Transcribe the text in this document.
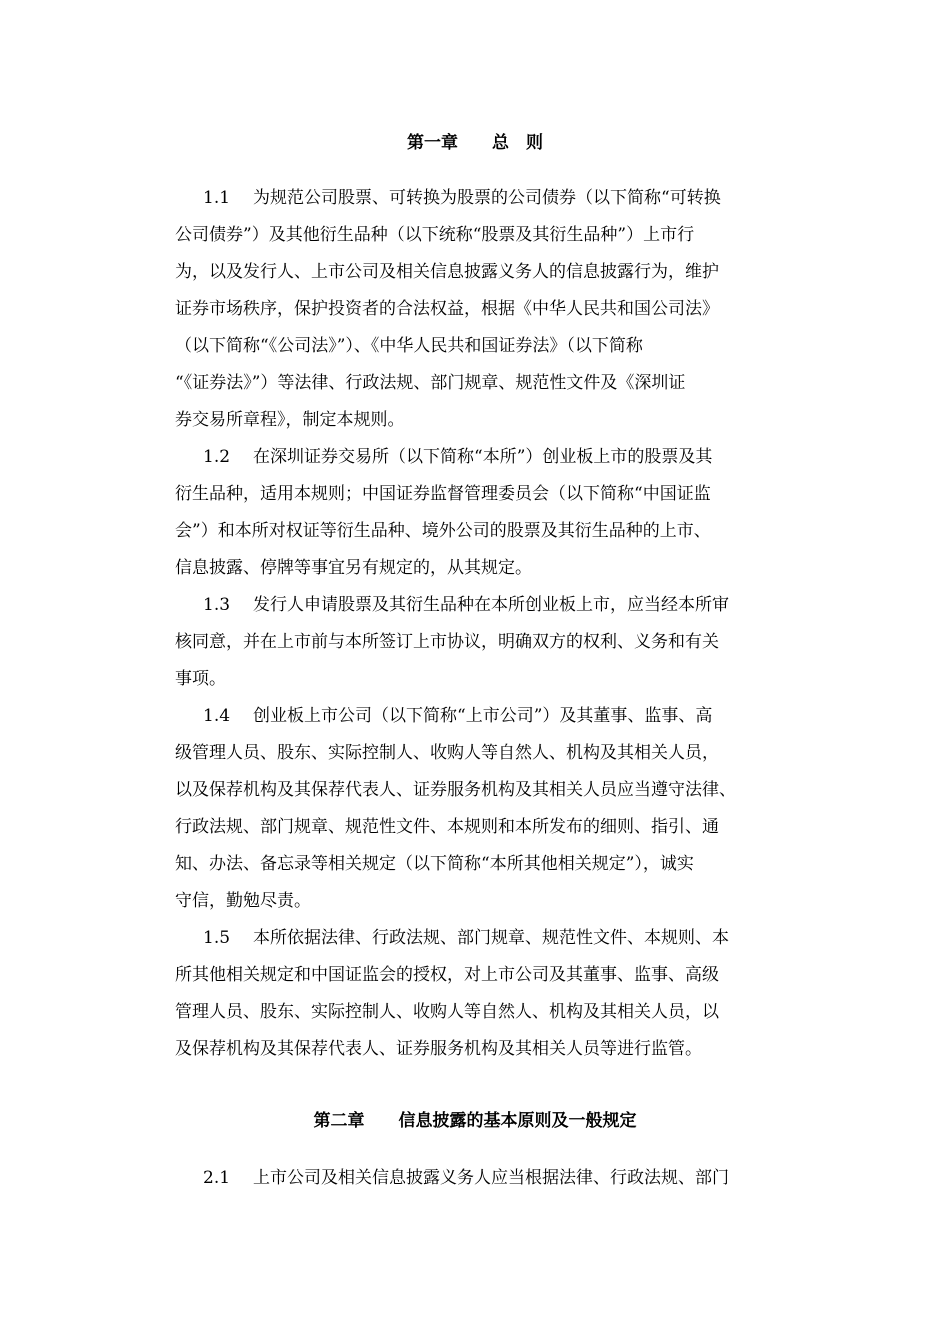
第一章　　总　则
1.1 为规范公司股票、可转换为股票的公司债券（以下简称“可转换
公司债券”）及其他衍生品种（以下统称“股票及其衍生品种”）上市行
为，以及发行人、上市公司及相关信息披露义务人的信息披露行为，维护
证券市场秩序，保护投资者的合法权益，根据《中华人民共和国公司法》
（以下简称“《公司法》”）、《中华人民共和国证券法》（以下简称
“《证券法》”）等法律、行政法规、部门规章、规范性文件及《深圳证
券交易所章程》，制定本规则。
1.2 在深圳证券交易所（以下简称“本所”）创业板上市的股票及其
衍生品种，适用本规则；中国证券监督管理委员会（以下简称“中国证监
会”）和本所对权证等衍生品种、境外公司的股票及其衍生品种的上市、
信息披露、停牌等事宜另有规定的，从其规定。
1.3 发行人申请股票及其衍生品种在本所创业板上市，应当经本所审
核同意，并在上市前与本所签订上市协议，明确双方的权利、义务和有关
事项。
1.4 创业板上市公司（以下简称“上市公司”）及其董事、监事、高
级管理人员、股东、实际控制人、收购人等自然人、机构及其相关人员，
以及保荐机构及其保荐代表人、证券服务机构及其相关人员应当遵守法律、
行政法规、部门规章、规范性文件、本规则和本所发布的细则、指引、通
知、办法、备忘录等相关规定（以下简称“本所其他相关规定”），诚实
守信，勤勉尽责。
1.5 本所依据法律、行政法规、部门规章、规范性文件、本规则、本
所其他相关规定和中国证监会的授权，对上市公司及其董事、监事、高级
管理人员、股东、实际控制人、收购人等自然人、机构及其相关人员，以
及保荐机构及其保荐代表人、证券服务机构及其相关人员等进行监管。
第二章　　信息披露的基本原则及一般规定
2.1 上市公司及相关信息披露义务人应当根据法律、行政法规、部门
